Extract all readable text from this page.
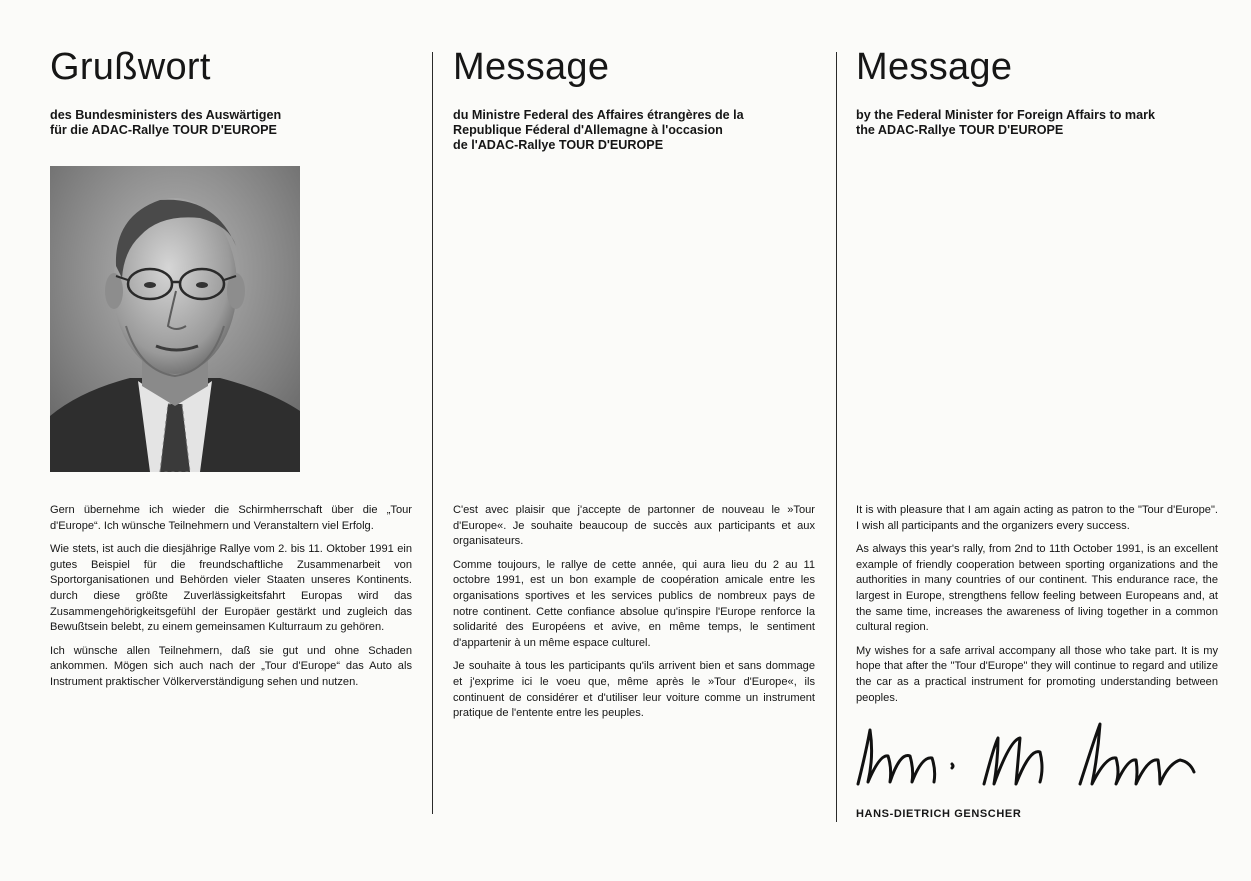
Grußwort
des Bundesministers des Auswärtigen
für die ADAC-Rallye TOUR D'EUROPE

Gern übernehme ich wieder die Schirmherrschaft über die „Tour d'Europe“. Ich wünsche Teilnehmern und Veranstaltern viel Erfolg.

Wie stets, ist auch die diesjährige Rallye vom 2. bis 11. Oktober 1991 ein gutes Beispiel für die freundschaftliche Zusammenarbeit von Sportorganisationen und Behörden vieler Staaten unseres Kontinents. durch diese größte Zuverlässigkeitsfahrt Europas wird das Zusammengehörigkeitsgefühl der Europäer gestärkt und zugleich das Bewußtsein belebt, zu einem gemeinsamen Kulturraum zu gehören.

Ich wünsche allen Teilnehmern, daß sie gut und ohne Schaden ankommen. Mögen sich auch nach der „Tour d'Europe“ das Auto als Instrument praktischer Völkerverständigung sehen und nutzen.

Message
du Ministre Federal des Affaires étrangères de la
Republique Féderal d'Allemagne à l'occasion
de l'ADAC-Rallye TOUR D'EUROPE

C'est avec plaisir que j'accepte de partonner de nouveau le »Tour d'Europe«. Je souhaite beaucoup de succès aux participants et aux organisateurs.

Comme toujours, le rallye de cette année, qui aura lieu du 2 au 11 octobre 1991, est un bon example de coopération amicale entre les organisations sportives et les services publics de nombreux pays de notre continent. Cette confiance absolue qu'inspire l'Europe renforce la solidarité des Européens et avive, en même temps, le sentiment d'appartenir à un même espace culturel.

Je souhaite à tous les participants qu'ils arrivent bien et sans dommage et j'exprime ici le voeu que, même après le »Tour d'Europe«, ils continuent de considérer et d'utiliser leur voiture comme un instrument pratique de l'entente entre les peuples.

Message
by the Federal Minister for Foreign Affairs to mark
the ADAC-Rallye TOUR D'EUROPE

It is with pleasure that I am again acting as patron to the "Tour d'Europe". I wish all participants and the organizers every success.

As always this year's rally, from 2nd to 11th October 1991, is an excellent example of friendly cooperation between sporting organizations and the authorities in many countries of our continent. This endurance race, the largest in Europe, strengthens fellow feeling between Europeans and, at the same time, increases the awareness of living together in a common cultural region.

My wishes for a safe arrival accompany all those who take part. It is my hope that after the "Tour d'Europe" they will continue to regard and utilize the car as a practical instrument for promoting understanding between peoples.

HANS-DIETRICH GENSCHER
